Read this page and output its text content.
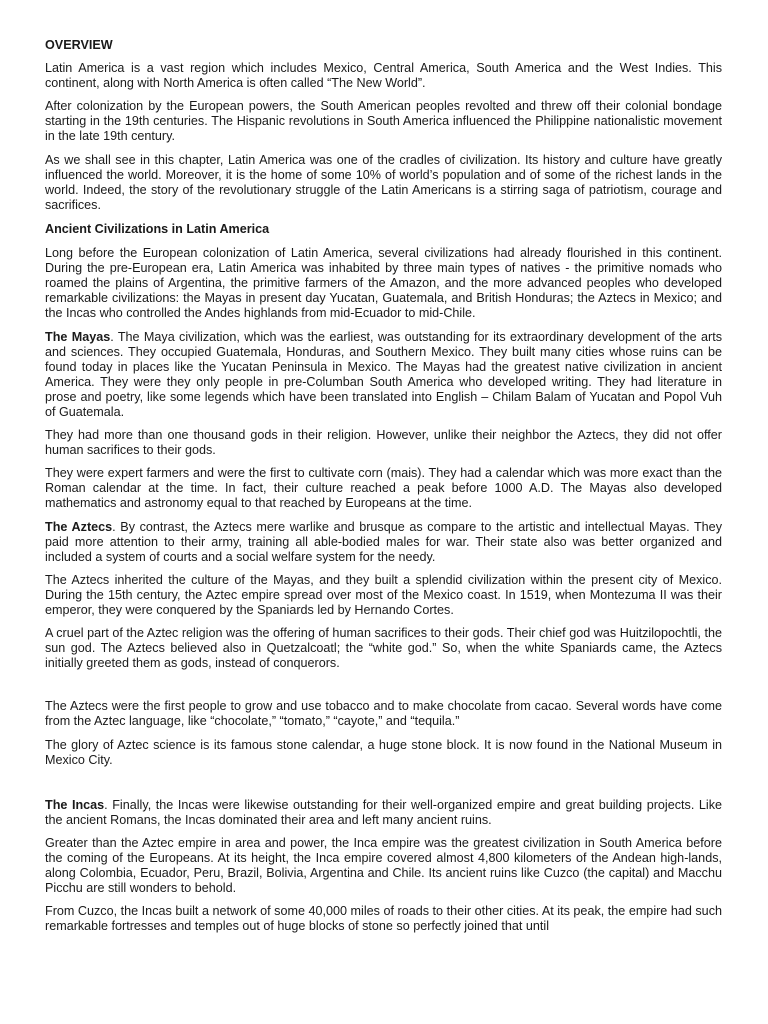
OVERVIEW

Latin America is a vast region which includes Mexico, Central America, South America and the West Indies. This continent, along with North America is often called “The New World”.

After colonization by the European powers, the South American peoples revolted and threw off their colonial bondage starting in the 19th centuries. The Hispanic revolutions in South America influenced the Philippine nationalistic movement in the late 19th century.

As we shall see in this chapter, Latin America was one of the cradles of civilization. Its history and culture have greatly influenced the world. Moreover, it is the home of some 10% of world’s population and of some of the richest lands in the world. Indeed, the story of the revolutionary struggle of the Latin Americans is a stirring saga of patriotism, courage and sacrifices.

Ancient Civilizations in Latin America

Long before the European colonization of Latin America, several civilizations had already flourished in this continent. During the pre-European era, Latin America was inhabited by three main types of natives - the primitive nomads who roamed the plains of Argentina, the primitive farmers of the Amazon, and the more advanced peoples who developed remarkable civilizations: the Mayas in present day Yucatan, Guatemala, and British Honduras; the Aztecs in Mexico; and the Incas who controlled the Andes highlands from mid-Ecuador to mid-Chile.

The Mayas. The Maya civilization, which was the earliest, was outstanding for its extraordinary development of the arts and sciences. They occupied Guatemala, Honduras, and Southern Mexico. They built many cities whose ruins can be found today in places like the Yucatan Peninsula in Mexico. The Mayas had the greatest native civilization in ancient America. They were they only people in pre-Columban South America who developed writing. They had literature in prose and poetry, like some legends which have been translated into English – Chilam Balam of Yucatan and Popol Vuh of Guatemala.

They had more than one thousand gods in their religion. However, unlike their neighbor the Aztecs, they did not offer human sacrifices to their gods.

They were expert farmers and were the first to cultivate corn (mais). They had a calendar which was more exact than the Roman calendar at the time. In fact, their culture reached a peak before 1000 A.D. The Mayas also developed mathematics and astronomy equal to that reached by Europeans at the time.

The Aztecs. By contrast, the Aztecs mere warlike and brusque as compare to the artistic and intellectual Mayas. They paid more attention to their army, training all able-bodied males for war. Their state also was better organized and included a system of courts and a social welfare system for the needy.

The Aztecs inherited the culture of the Mayas, and they built a splendid civilization within the present city of Mexico. During the 15th century, the Aztec empire spread over most of the Mexico coast. In 1519, when Montezuma II was their emperor, they were conquered by the Spaniards led by Hernando Cortes.

A cruel part of the Aztec religion was the offering of human sacrifices to their gods. Their chief god was Huitzilopochtli, the sun god. The Aztecs believed also in Quetzalcoatl; the “white god.” So, when the white Spaniards came, the Aztecs initially greeted them as gods, instead of conquerors.

The Aztecs were the first people to grow and use tobacco and to make chocolate from cacao. Several words have come from the Aztec language, like “chocolate,” “tomato,” “cayote,” and “tequila.”

The glory of Aztec science is its famous stone calendar, a huge stone block. It is now found in the National Museum in Mexico City.

The Incas. Finally, the Incas were likewise outstanding for their well-organized empire and great building projects. Like the ancient Romans, the Incas dominated their area and left many ancient ruins.

Greater than the Aztec empire in area and power, the Inca empire was the greatest civilization in South America before the coming of the Europeans. At its height, the Inca empire covered almost 4,800 kilometers of the Andean high-lands, along Colombia, Ecuador, Peru, Brazil, Bolivia, Argentina and Chile. Its ancient ruins like Cuzco (the capital) and Macchu Picchu are still wonders to behold.

From Cuzco, the Incas built a network of some 40,000 miles of roads to their other cities. At its peak, the empire had such remarkable fortresses and temples out of huge blocks of stone so perfectly joined that until
